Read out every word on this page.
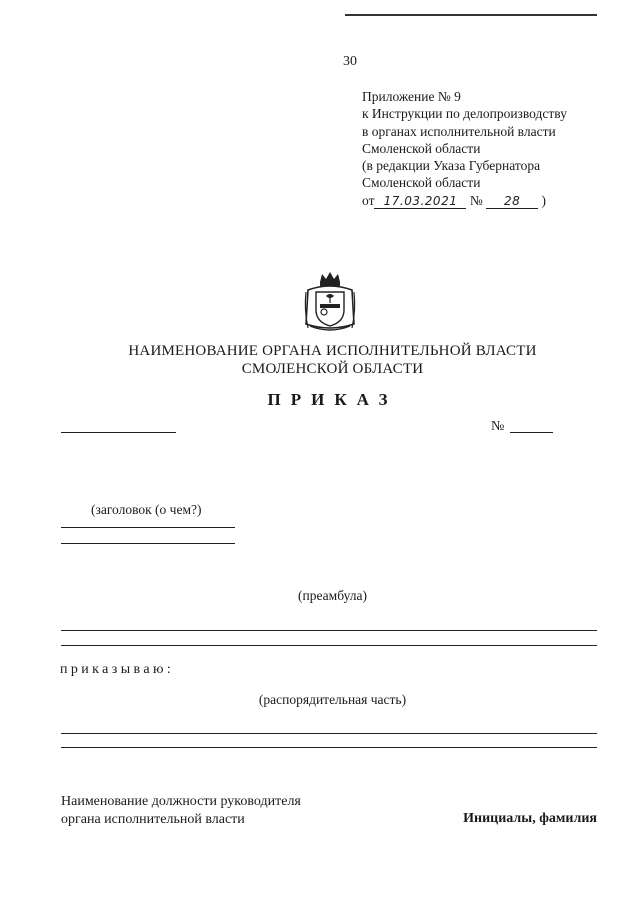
30
Приложение № 9
к Инструкции по делопроизводству
в органах исполнительной власти
Смоленской области
(в редакции Указа Губернатора
Смоленской области
от 17.03.2021 № 28 )
НАИМЕНОВАНИЕ ОРГАНА ИСПОЛНИТЕЛЬНОЙ ВЛАСТИ
СМОЛЕНСКОЙ ОБЛАСТИ
ПРИКАЗ
№
(заголовок (о чем?)
(преамбула)
приказываю:
(распорядительная часть)
Наименование должности руководителя
органа исполнительной власти	Инициалы, фамилия
